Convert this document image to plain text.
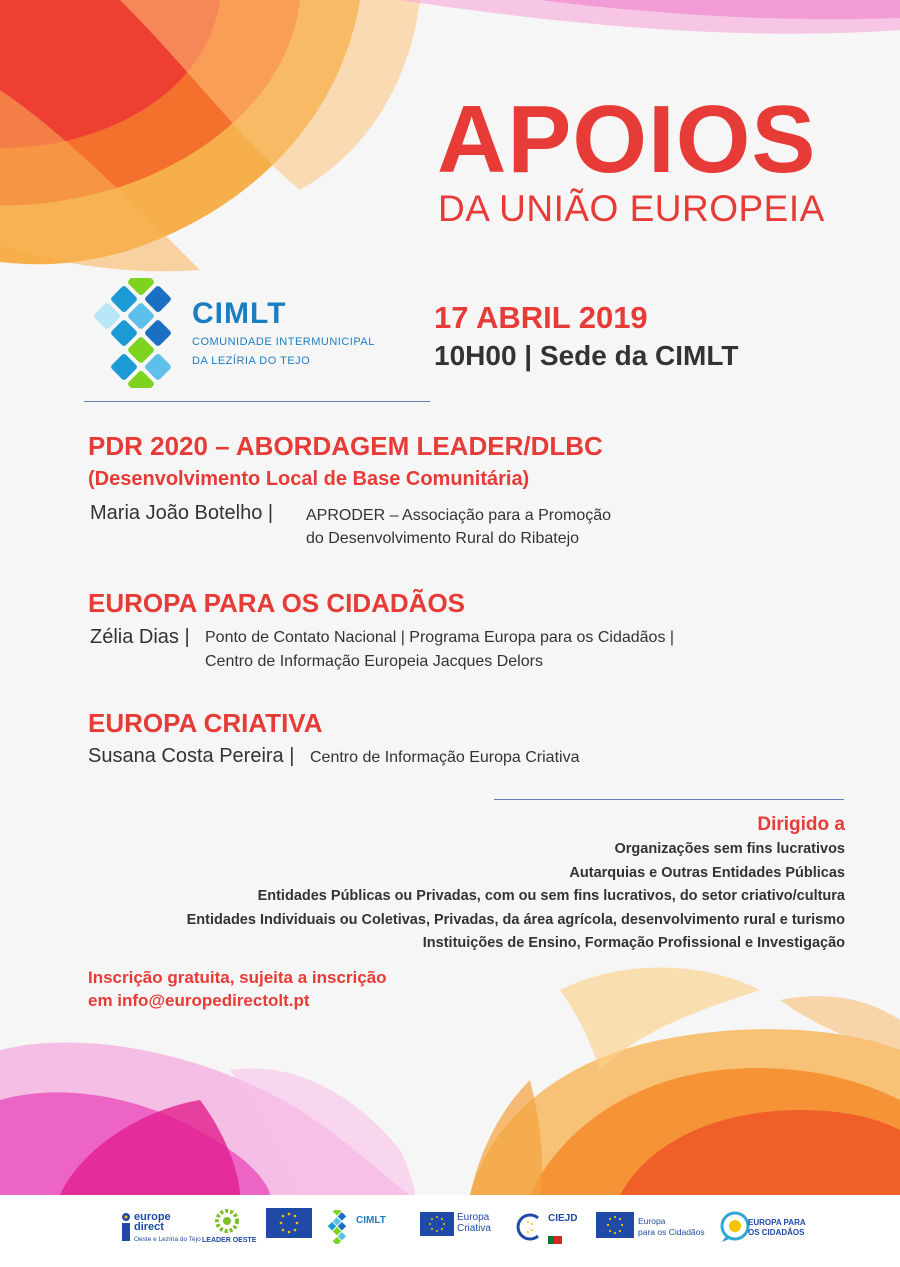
APOIOS
DA UNIÃO EUROPEIA
CIMLT
COMUNIDADE INTERMUNICIPAL
DA LEZÍRIA DO TEJO
17 ABRIL 2019
10H00 | Sede da CIMLT
PDR 2020 – ABORDAGEM LEADER/DLBC
(Desenvolvimento Local de Base Comunitária)
Maria João Botelho | APRODER – Associação para a Promoção
do Desenvolvimento Rural do Ribatejo
EUROPA PARA OS CIDADÃOS
Zélia Dias | Ponto de Contato Nacional | Programa Europa para os Cidadãos |
Centro de Informação Europeia Jacques Delors
EUROPA CRIATIVA
Susana Costa Pereira | Centro de Informação Europa Criativa
Dirigido a
Organizações sem fins lucrativos
Autarquias e Outras Entidades Públicas
Entidades Públicas ou Privadas, com ou sem fins lucrativos, do setor criativo/cultura
Entidades Individuais ou Coletivas, Privadas, da área agrícola, desenvolvimento rural e turismo
Instituições de Ensino, Formação Profissional e Investigação
Inscrição gratuita, sujeita a inscrição
em info@europedirectolt.pt
europe
direct
Oeste e Lezíria do Tejo LEADER OESTE
CIMLT	Europa
Criativa
CIEJD	Europa
para os Cidadãos
EUROPA PARA
OS CIDADÃOS
